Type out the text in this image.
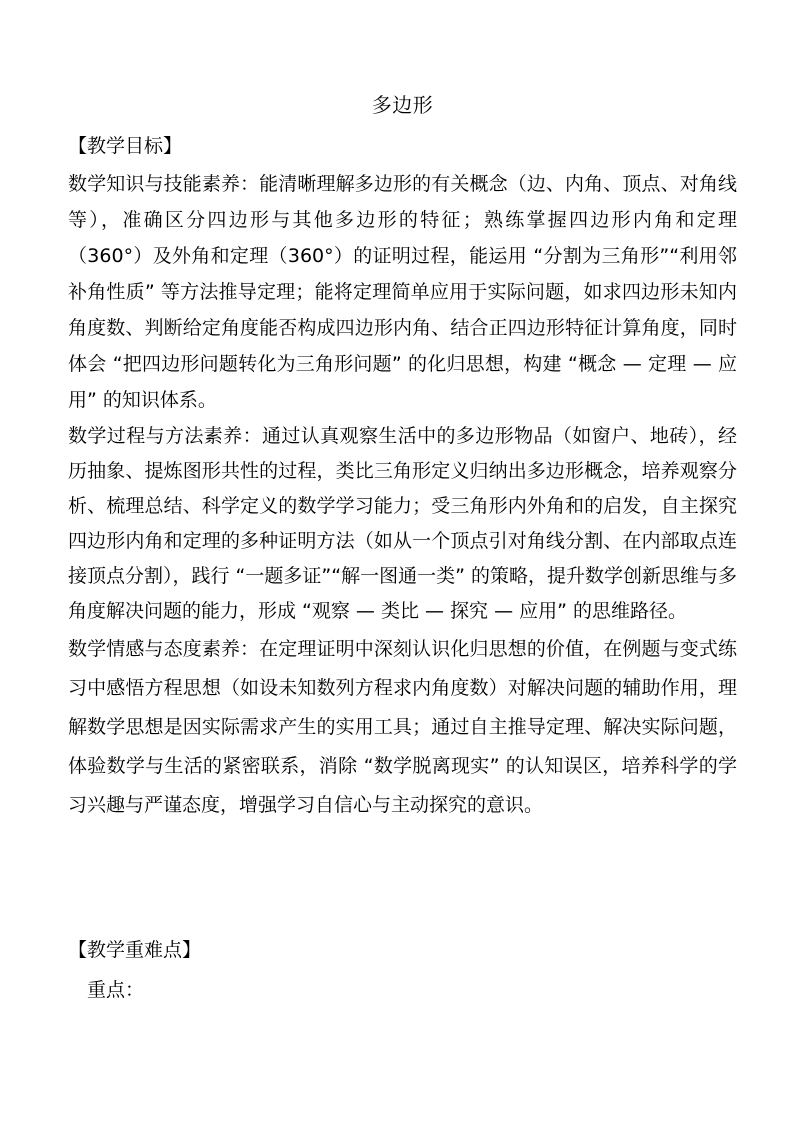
多边形
【教学目标】

数学知识与技能素养：能清晰理解多边形的有关概念（边、内角、顶点、对角线等），准确区分四边形与其他多边形的特征；熟练掌握四边形内角和定理（360°）及外角和定理（360°）的证明过程，能运用 “分割为三角形”“利用邻补角性质” 等方法推导定理；能将定理简单应用于实际问题，如求四边形未知内角度数、判断给定角度能否构成四边形内角、结合正四边形特征计算角度，同时体会 “把四边形问题转化为三角形问题” 的化归思想，构建 “概念 — 定理 — 应用” 的知识体系。

数学过程与方法素养：通过认真观察生活中的多边形物品（如窗户、地砖），经历抽象、提炼图形共性的过程，类比三角形定义归纳出多边形概念，培养观察分析、梳理总结、科学定义的数学学习能力；受三角形内外角和的启发，自主探究四边形内角和定理的多种证明方法（如从一个顶点引对角线分割、在内部取点连接顶点分割），践行 “一题多证”“解一图通一类” 的策略，提升数学创新思维与多角度解决问题的能力，形成 “观察 — 类比 — 探究 — 应用” 的思维路径。

数学情感与态度素养：在定理证明中深刻认识化归思想的价值，在例题与变式练习中感悟方程思想（如设未知数列方程求内角度数）对解决问题的辅助作用，理解数学思想是因实际需求产生的实用工具；通过自主推导定理、解决实际问题，体验数学与生活的紧密联系，消除 “数学脱离现实” 的认知误区，培养科学的学习兴趣与严谨态度，增强学习自信心与主动探究的意识。

【教学重难点】

重点：
